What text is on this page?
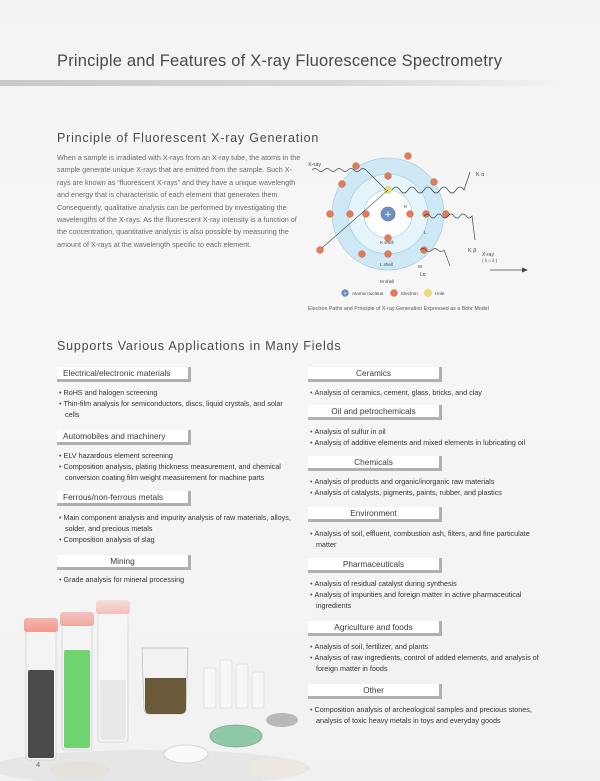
Principle and Features of X-ray Fluorescence Spectrometry
Principle of Fluorescent X-ray Generation
When a sample is irradiated with X-rays from an X-ray tube, the atoms in the sample generate unique X-rays that are emitted from the sample. Such X-rays are known as “fluorescent X-rays” and they have a unique wavelength and energy that is characteristic of each element that generates them. Consequently, qualitative analysis can be performed by investigating the wavelengths of the X-rays. As the fluorescent X-ray intensity is a function of the concentration, quantitative analysis is also possible by measuring the amount of X-rays at the wavelength specific to each element.
+
X-ray
K α
K β
Lα
X-ray
( λ = λ )
K
L
M
K shell
L shell
M shell
+ Atomic nucleus	Electron	Hole
Electron Paths and Principle of X-ray Generation Expressed as a Bohr Model
Supports Various Applications in Many Fields
Electrical/electronic materials
• RoHS and halogen screening
• Thin-film analysis for semiconductors, discs, liquid crystals, and solar cells
Automobiles and machinery
• ELV hazardous element screening
• Composition analysis, plating thickness measurement, and chemical conversion coating film weight measurement for machine parts
Ferrous/non-ferrous metals
• Main component analysis and impurity analysis of raw materials, alloys, solder, and precious metals
• Composition analysis of slag
Mining
• Grade analysis for mineral processing
Ceramics
• Analysis of ceramics, cement, glass, bricks, and clay
Oil and petrochemicals
• Analysis of sulfur in oil
• Analysis of additive elements and mixed elements in lubricating oil
Chemicals
• Analysis of products and organic/inorganic raw materials
• Analysis of catalysts, pigments, paints, rubber, and plastics
Environment
• Analysis of soil, effluent, combustion ash, filters, and fine particulate matter
Pharmaceuticals
• Analysis of residual catalyst during synthesis
• Analysis of impurities and foreign matter in active pharmaceutical ingredients
Agriculture and foods
• Analysis of soil, fertilizer, and plants
• Analysis of raw ingredients, control of added elements, and analysis of foreign matter in foods
Other
• Composition analysis of archeological samples and precious stones, analysis of toxic heavy metals in toys and everyday goods
4
